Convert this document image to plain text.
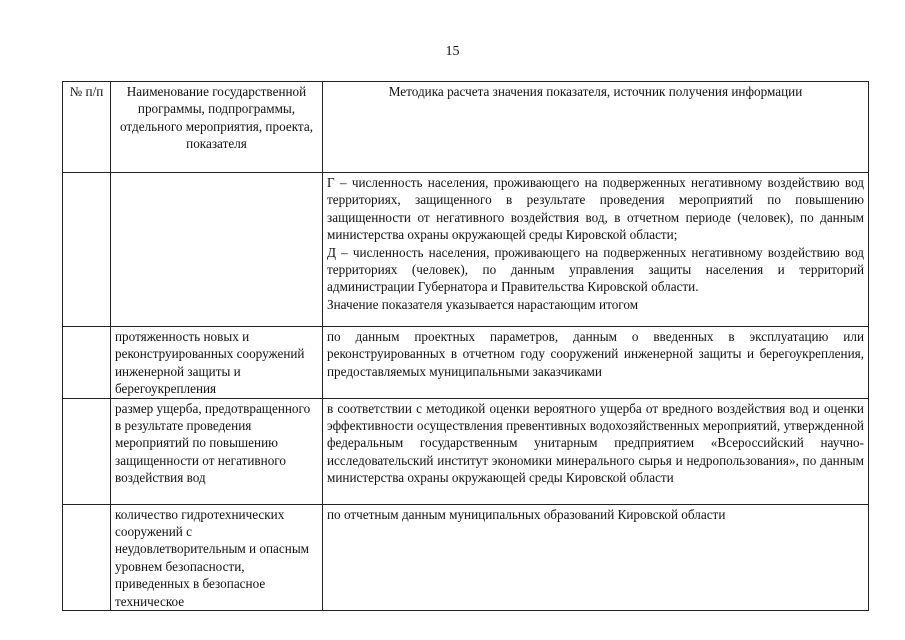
15
№ п/п	Наименование государственной программы, подпрограммы, отдельного мероприятия, проекта, показателя	Методика расчета значения показателя, источник получения информации

		Г – численность населения, проживающего на подверженных негативному воздействию вод территориях, защищенного в результате проведения мероприятий по повышению защищенности от негативного воздействия вод, в отчетном периоде (человек), по данным министерства охраны окружающей среды Кировской области;
Д – численность населения, проживающего на подверженных негативному воздействию вод территориях (человек), по данным управления защиты населения и территорий администрации Губернатора и Правительства Кировской области.
Значение показателя указывается нарастающим итогом

	протяженность новых и реконструированных сооружений инженерной защиты и берегоукрепления	по данным проектных параметров, данным о введенных в эксплуатацию или реконструированных в отчетном году сооружений инженерной защиты и берегоукрепления, предоставляемых муниципальными заказчиками
	размер ущерба, предотвращенного в результате проведения мероприятий по повышению защищенности от негативного воздействия вод	в соответствии с методикой оценки вероятного ущерба от вредного воздействия вод и оценки эффективности осуществления превентивных водохозяйственных мероприятий, утвержденной федеральным государственным унитарным предприятием «Всероссийский научно-исследовательский институт экономики минерального сырья и недропользования», по данным министерства охраны окружающей среды Кировской области
	количество гидротехнических сооружений с неудовлетворительным и опасным уровнем безопасности, приведенных в безопасное техническое	по отчетным данным муниципальных образований Кировской области
